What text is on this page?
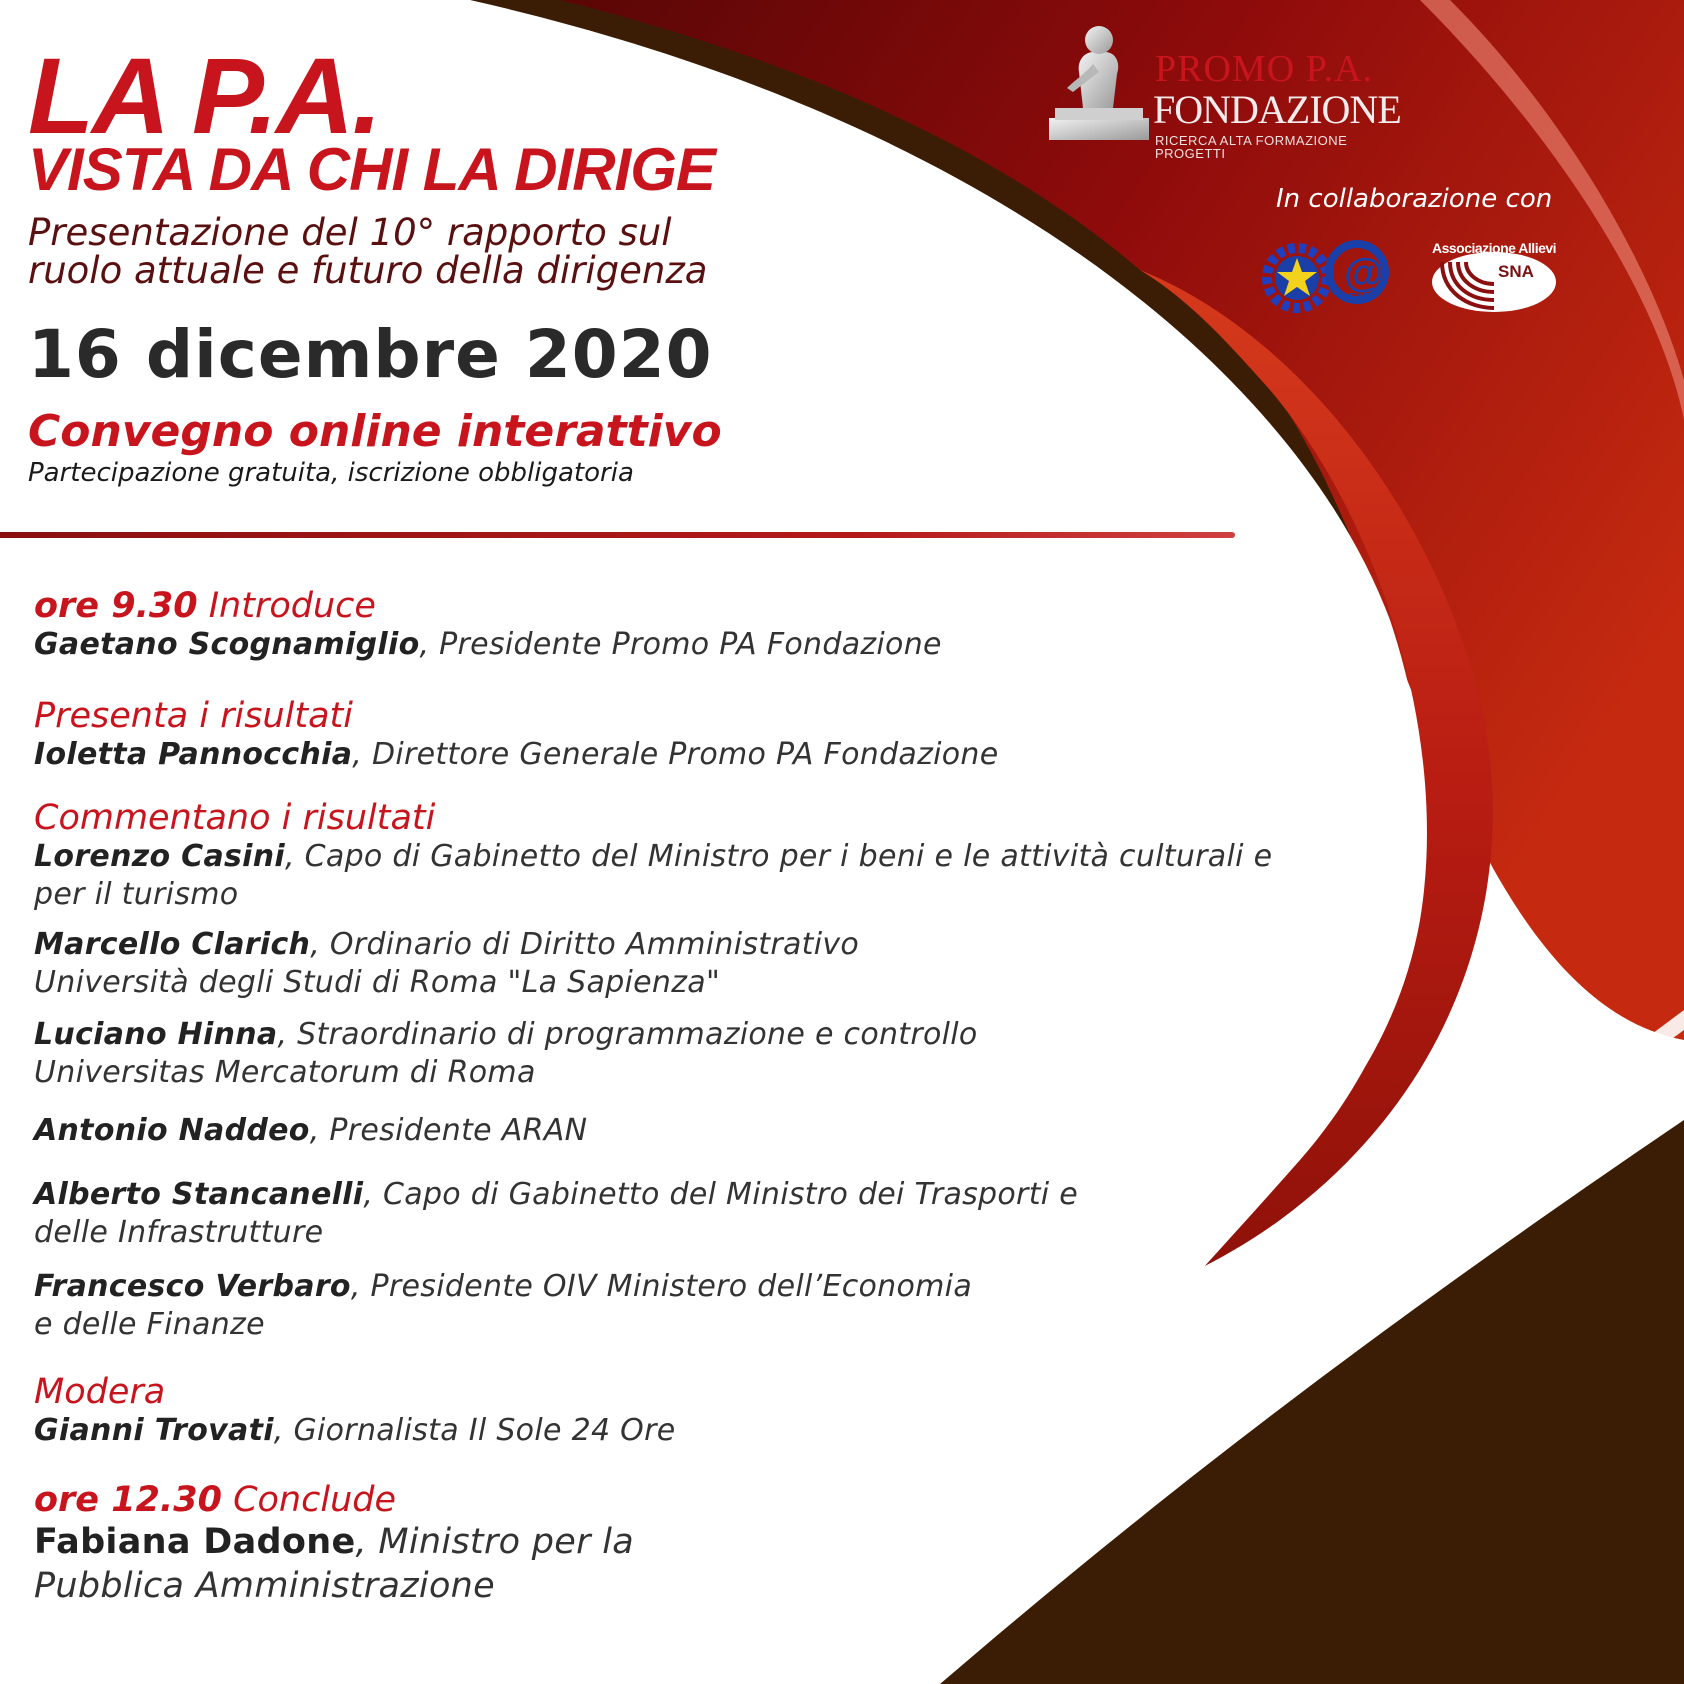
LA P.A.
VISTA DA CHI LA DIRIGE
Presentazione del 10° rapporto sul
ruolo attuale e futuro della dirigenza
16 dicembre 2020
Convegno online interattivo
Partecipazione gratuita, iscrizione obbligatoria
PROMO P.A.
FONDAZIONE
RICERCA ALTA FORMAZIONE PROGETTI
In collaborazione con
@
EAP
Associazione Allievi
SNA
ore 9.30 Introduce
Gaetano Scognamiglio, Presidente Promo PA Fondazione
Presenta i risultati
Ioletta Pannocchia, Direttore Generale Promo PA Fondazione
Commentano i risultati
Lorenzo Casini, Capo di Gabinetto del Ministro per i beni e le attività culturali e
per il turismo
Marcello Clarich, Ordinario di Diritto Amministrativo
Università degli Studi di Roma "La Sapienza"
Luciano Hinna, Straordinario di programmazione e controllo
Universitas Mercatorum di Roma
Antonio Naddeo, Presidente ARAN
Alberto Stancanelli, Capo di Gabinetto del Ministro dei Trasporti e
delle Infrastrutture
Francesco Verbaro, Presidente OIV Ministero dell’Economia
e delle Finanze
Modera
Gianni Trovati, Giornalista Il Sole 24 Ore
ore 12.30 Conclude
Fabiana Dadone, Ministro per la
Pubblica Amministrazione
